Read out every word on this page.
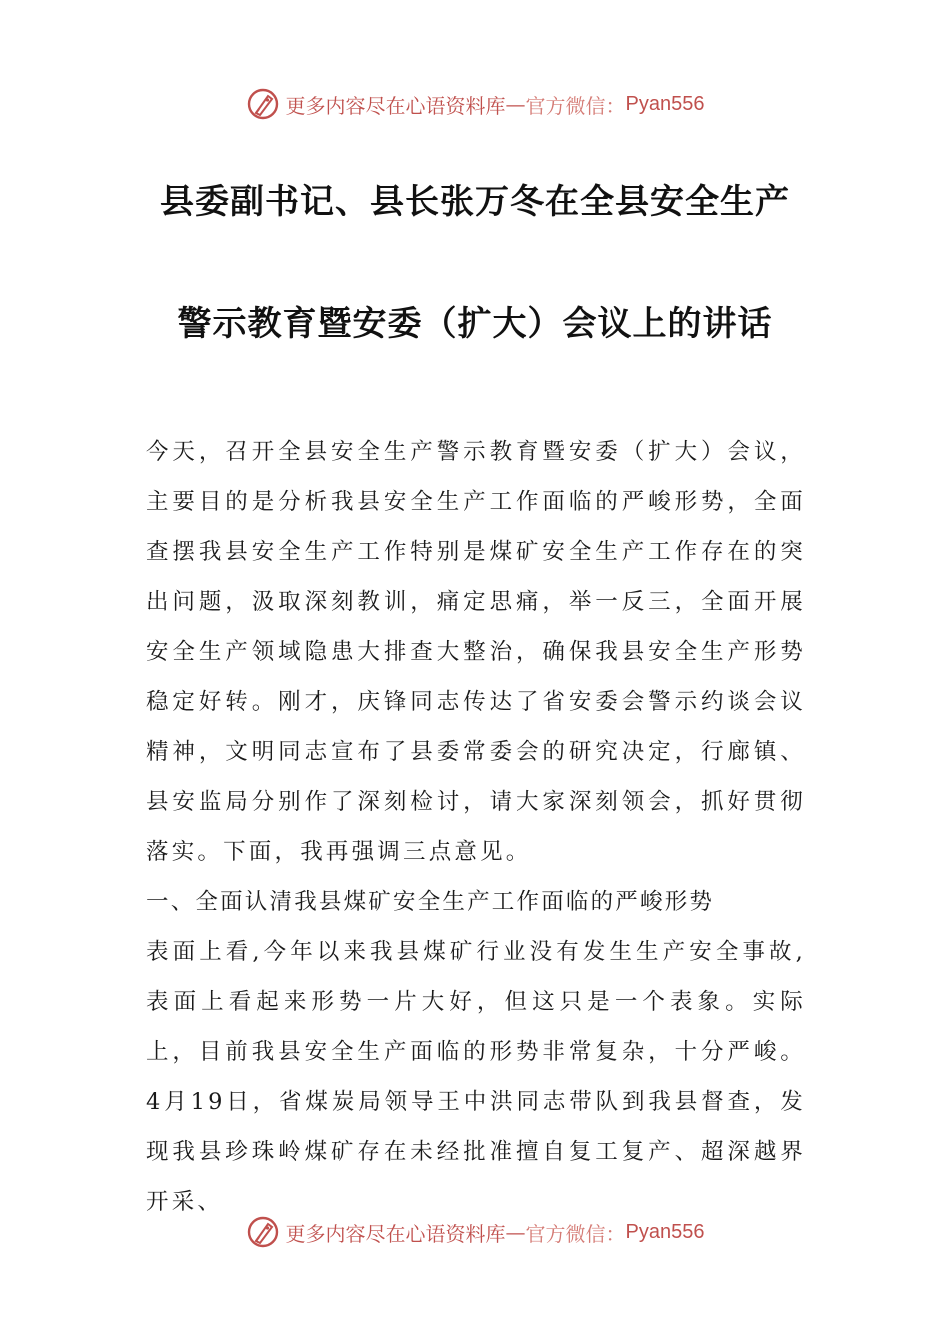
更多内容尽在心语资料库 — 官方微信： Pyan556
县委副书记、县长张万冬在全县安全生产
警示教育暨安委（扩大）会议上的讲话

今天，召开全县安全生产警示教育暨安委（扩大）会议，主要目的是分析我县安全生产工作面临的严峻形势，全面查摆我县安全生产工作特别是煤矿安全生产工作存在的突出问题，汲取深刻教训，痛定思痛，举一反三，全面开展安全生产领域隐患大排查大整治，确保我县安全生产形势稳定好转。刚才，庆锋同志传达了省安委会警示约谈会议精神，文明同志宣布了县委常委会的研究决定，行廊镇、县安监局分别作了深刻检讨，请大家深刻领会，抓好贯彻落实。下面，我再强调三点意见。

一、全面认清我县煤矿安全生产工作面临的严峻形势

表面上看,今年以来我县煤矿行业没有发生生产安全事故,表面上看起来形势一片大好，但这只是一个表象。实际上，目前我县安全生产面临的形势非常复杂，十分严峻。4月19日，省煤炭局领导王中洪同志带队到我县督查，发现我县珍珠岭煤矿存在未经批准擅自复工复产、超深越界开采、

更多内容尽在心语资料库 — 官方微信： Pyan556
